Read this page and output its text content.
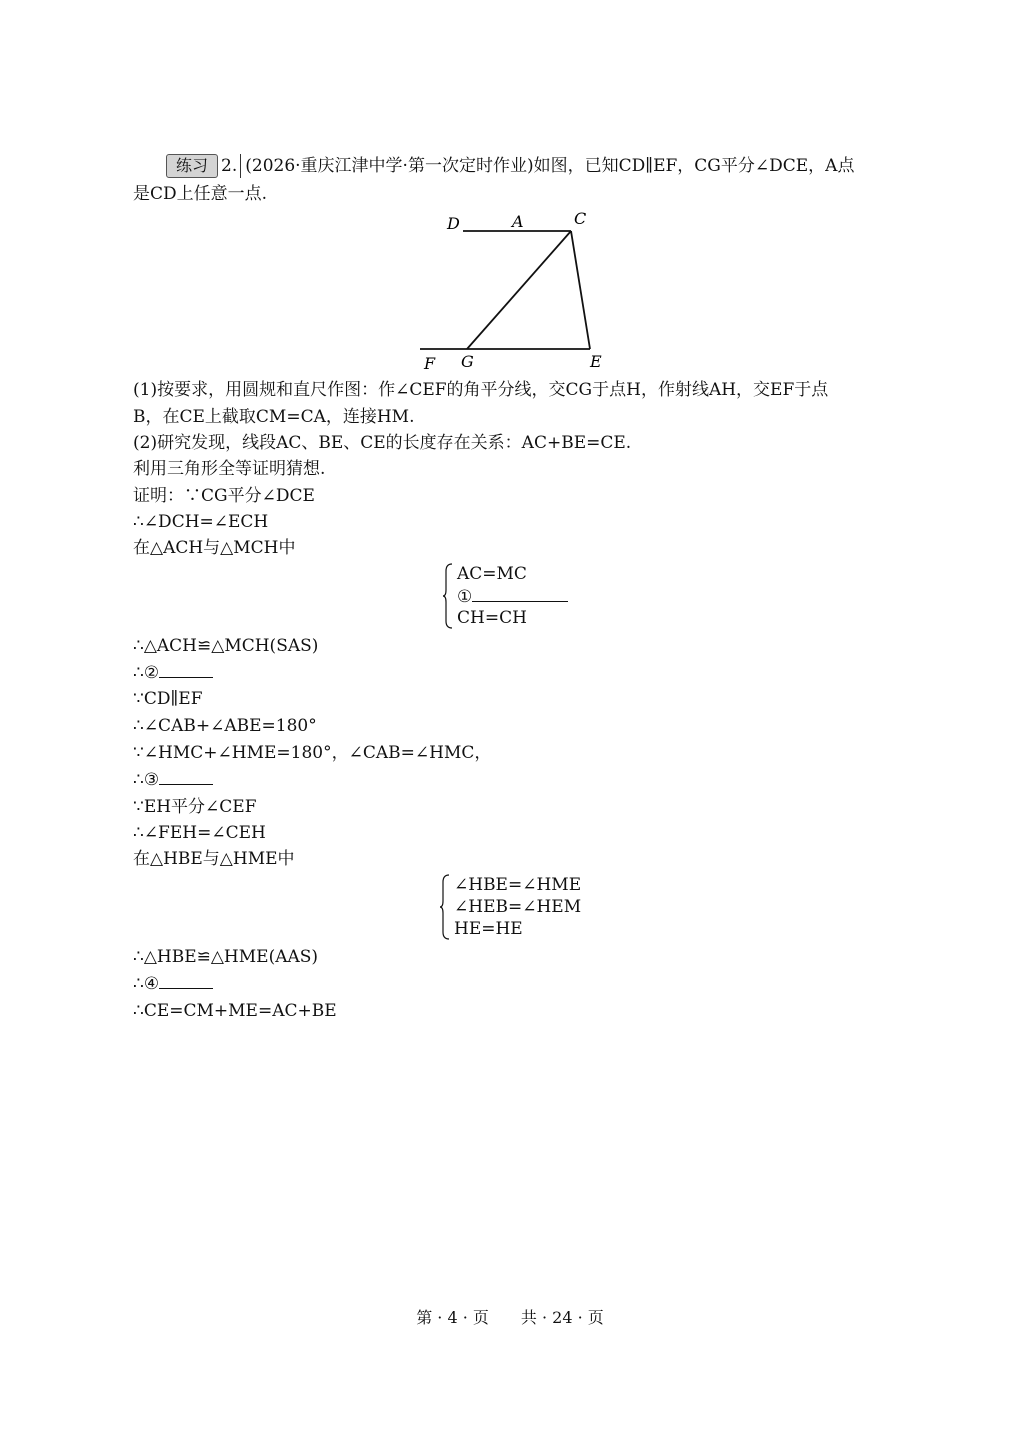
练习 2. (2026·重庆江津中学·第一次定时作业)如图，已知CD∥EF，CG平分∠DCE，A点
是CD上任意一点.
D	A	C
F G	E
(1)按要求，用圆规和直尺作图：作∠CEF的角平分线，交CG于点H，作射线AH，交EF于点
B，在CE上截取CM=CA，连接HM.
(2)研究发现，线段AC、BE、CE的长度存在关系：AC+BE=CE.
利用三角形全等证明猜想.
证明：∵CG平分∠DCE
∴∠DCH=∠ECH
在△ACH与△MCH中
AC=MC
①
CH=CH
∴△ACH≌△MCH(SAS)
∴②
∵CD∥EF
∴∠CAB+∠ABE=180°
∵∠HMC+∠HME=180°，∠CAB=∠HMC，
∴③
∵EH平分∠CEF
∴∠FEH=∠CEH
在△HBE与△HME中
∠HBE=∠HME
∠HEB=∠HEM
HE=HE
∴△HBE≌△HME(AAS)
∴④
∴CE=CM+ME=AC+BE
第 · 4 · 页　　共 · 24 · 页
